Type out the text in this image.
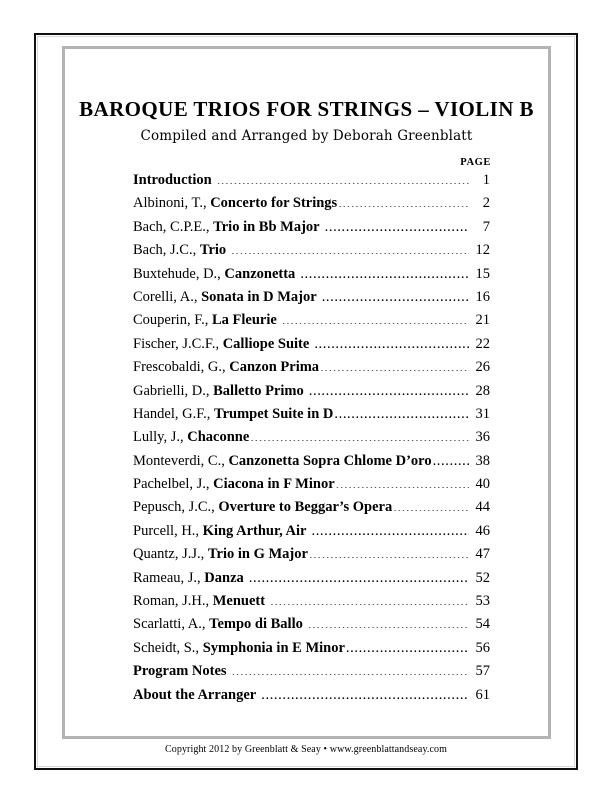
BAROQUE TRIOS FOR STRINGS – VIOLIN B
Compiled and Arranged by Deborah Greenblatt
PAGE
Introduction .....	1
Albinoni, T., Concerto for Strings .....	2
Bach, C.P.E., Trio in Bb Major .....	7
Bach, J.C., Trio .....	12
Buxtehude, D., Canzonetta .....	15
Corelli, A., Sonata in D Major .....	16
Couperin, F., La Fleurie .....	21
Fischer, J.C.F., Calliope Suite .....	22
Frescobaldi, G., Canzon Prima .....	26
Gabrielli, D., Balletto Primo .....	28
Handel, G.F., Trumpet Suite in D .....	31
Lully, J., Chaconne .....	36
Monteverdi, C., Canzonetta Sopra Chlome D’oro .....	38
Pachelbel, J., Ciacona in F Minor .....	40
Pepusch, J.C., Overture to Beggar’s Opera .....	44
Purcell, H., King Arthur, Air .....	46
Quantz, J.J., Trio in G Major .....	47
Rameau, J., Danza .....	52
Roman, J.H., Menuett .....	53
Scarlatti, A., Tempo di Ballo .....	54
Scheidt, S., Symphonia in E Minor .....	56
Program Notes .....	57
About the Arranger .....	61
Copyright 2012 by Greenblatt & Seay • www.greenblattandseay.com
